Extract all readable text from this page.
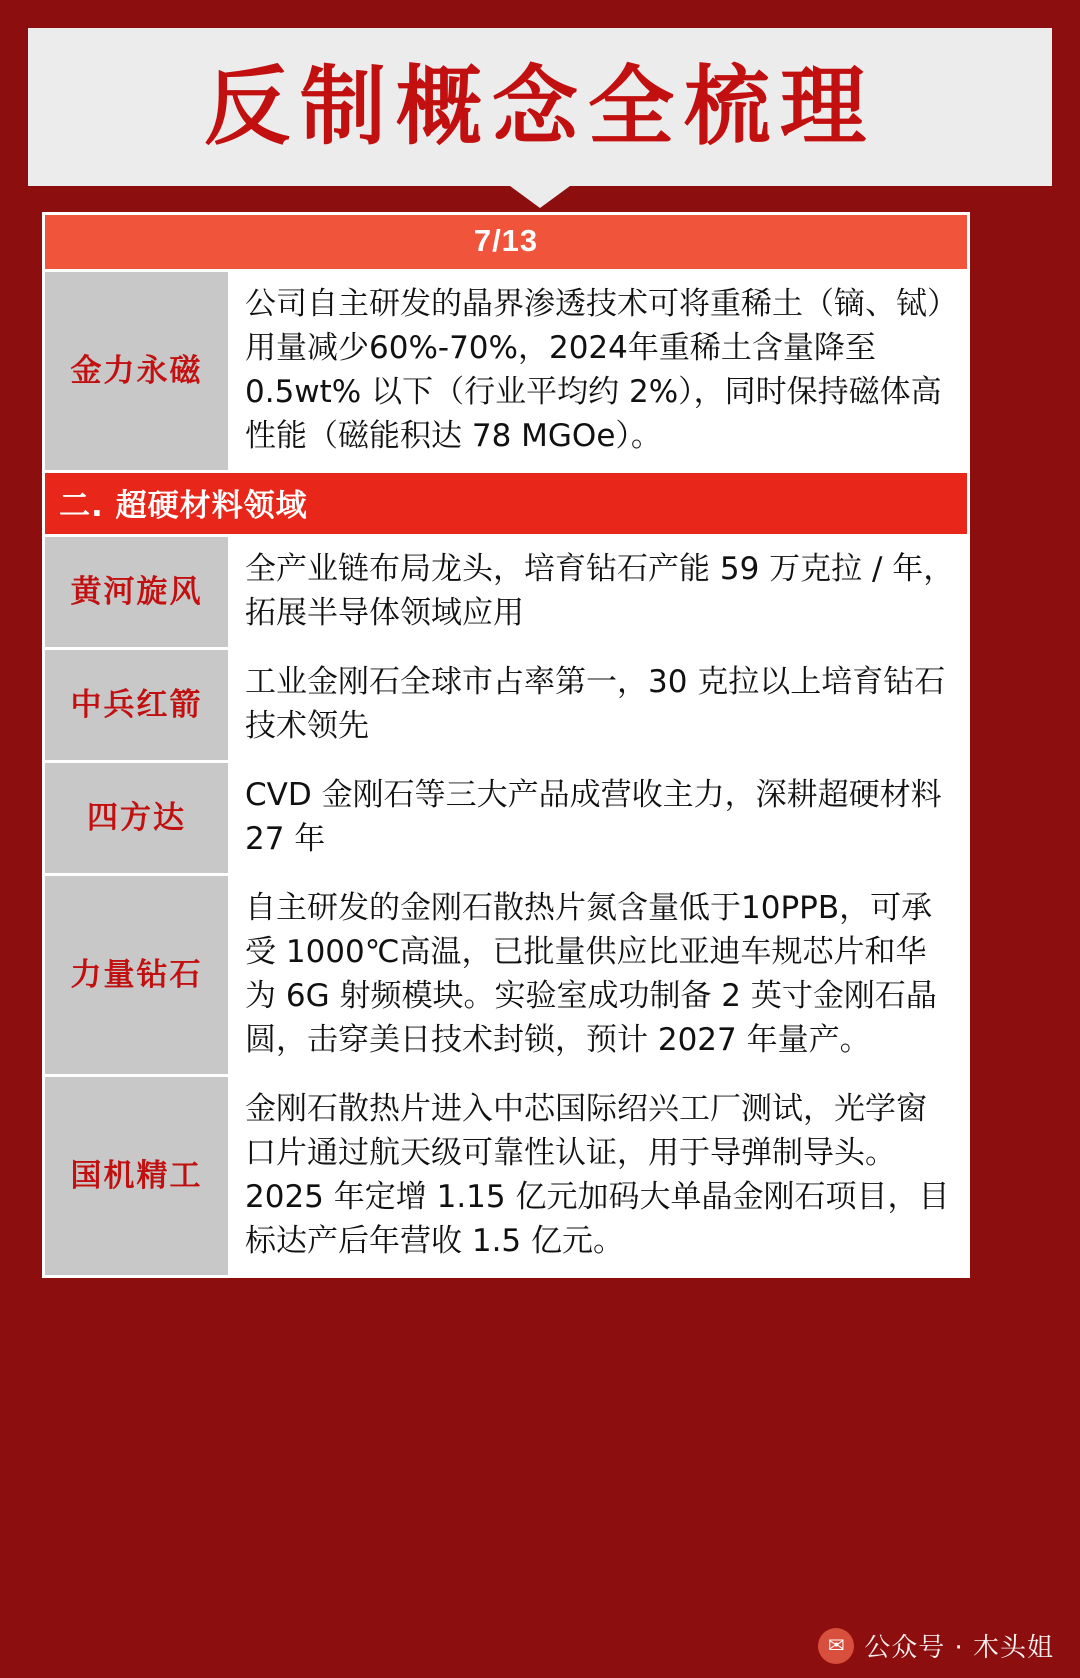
反制概念全梳理
7/13
金力永磁
公司自主研发的晶界渗透技术可将重稀土（镝、铽）用量减少60%-70%，2024年重稀土含量降至0.5wt% 以下（行业平均约 2%），同时保持磁体高性能（磁能积达 78 MGOe）。
二. 超硬材料领域
黄河旋风
全产业链布局龙头，培育钻石产能 59 万克拉 / 年，拓展半导体领域应用
中兵红箭
工业金刚石全球市占率第一，30 克拉以上培育钻石技术领先
四方达
CVD 金刚石等三大产品成营收主力，深耕超硬材料 27 年
力量钻石
自主研发的金刚石散热片氮含量低于10PPB，可承受 1000℃高温，已批量供应比亚迪车规芯片和华为 6G 射频模块。实验室成功制备 2 英寸金刚石晶圆，击穿美日技术封锁，预计 2027 年量产。
国机精工
金刚石散热片进入中芯国际绍兴工厂测试，光学窗口片通过航天级可靠性认证，用于导弹制导头。2025 年定增 1.15 亿元加码大单晶金刚石项目，目标达产后年营收 1.5 亿元。
✉ 公众号 · 木头姐
